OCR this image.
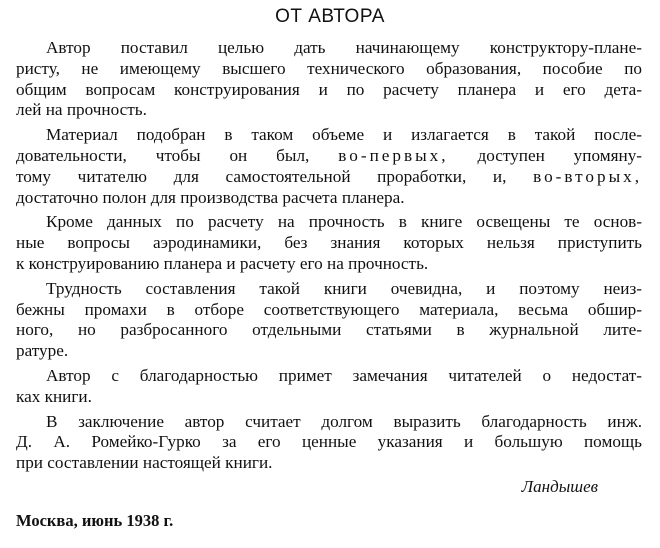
ОТ АВТОРА

Автор поставил целью дать начинающему конструктору-плане-
ристу, не имеющему высшего технического образования, пособие по
общим вопросам конструирования и по расчету планера и его дета-
лей на прочность.

Материал подобран в таком объеме и излагается в такой после-
довательности, чтобы он был, во-первых, доступен упомяну-
тому читателю для самостоятельной проработки, и, во-вторых,
достаточно полон для производства расчета планера.

Кроме данных по расчету на прочность в книге освещены те основ-
ные вопросы аэродинамики, без знания которых нельзя приступить
к конструированию планера и расчету его на прочность.

Трудность составления такой книги очевидна, и поэтому неиз-
бежны промахи в отборе соответствующего материала, весьма обшир-
ного, но разбросанного отдельными статьями в журнальной лите-
ратуре.

Автор с благодарностью примет замечания читателей о недостат-
ках книги.

В заключение автор считает долгом выразить благодарность инж.
Д. А. Ромейко-Гурко за его ценные указания и большую помощь
при составлении настоящей книги.

Ландышев
Москва, июнь 1938 г.
